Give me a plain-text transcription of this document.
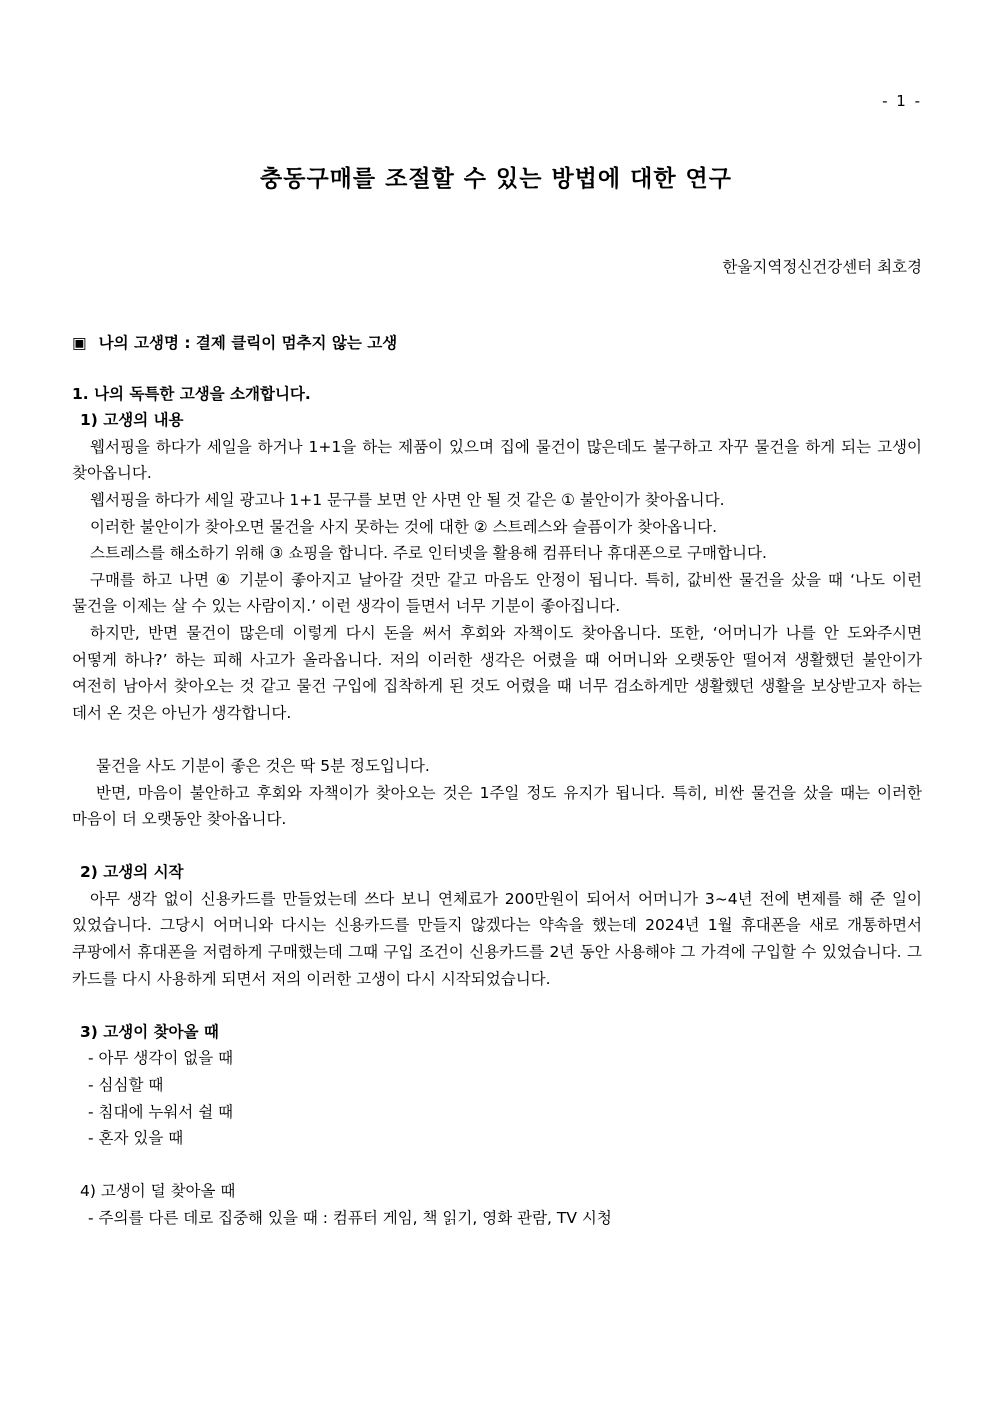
- 1 -
충동구매를 조절할 수 있는 방법에 대한 연구
한울지역정신건강센터 최호경

▣ 나의 고생명 : 결제 클릭이 멈추지 않는 고생

1. 나의 독특한 고생을 소개합니다.

1) 고생의 내용

웹서핑을 하다가 세일을 하거나 1+1을 하는 제품이 있으며 집에 물건이 많은데도 불구하고 자꾸 물건을 하게 되는 고생이 찾아옵니다.

웹서핑을 하다가 세일 광고나 1+1 문구를 보면 안 사면 안 될 것 같은 ① 불안이가 찾아옵니다.

이러한 불안이가 찾아오면 물건을 사지 못하는 것에 대한 ② 스트레스와 슬픔이가 찾아옵니다.

스트레스를 해소하기 위해 ③ 쇼핑을 합니다. 주로 인터넷을 활용해 컴퓨터나 휴대폰으로 구매합니다.

구매를 하고 나면 ④ 기분이 좋아지고 날아갈 것만 같고 마음도 안정이 됩니다. 특히, 값비싼 물건을 샀을 때 ‘나도 이런 물건을 이제는 살 수 있는 사람이지.’ 이런 생각이 들면서 너무 기분이 좋아집니다.

하지만, 반면 물건이 많은데 이렇게 다시 돈을 써서 후회와 자책이도 찾아옵니다. 또한, ‘어머니가 나를 안 도와주시면 어떻게 하나?’ 하는 피해 사고가 올라옵니다. 저의 이러한 생각은 어렸을 때 어머니와 오랫동안 떨어져 생활했던 불안이가 여전히 남아서 찾아오는 것 같고 물건 구입에 집착하게 된 것도 어렸을 때 너무 검소하게만 생활했던 생활을 보상받고자 하는 데서 온 것은 아닌가 생각합니다.

물건을 사도 기분이 좋은 것은 딱 5분 정도입니다.

반면, 마음이 불안하고 후회와 자책이가 찾아오는 것은 1주일 정도 유지가 됩니다. 특히, 비싼 물건을 샀을 때는 이러한 마음이 더 오랫동안 찾아옵니다.

2) 고생의 시작

아무 생각 없이 신용카드를 만들었는데 쓰다 보니 연체료가 200만원이 되어서 어머니가 3~4년 전에 변제를 해 준 일이 있었습니다. 그당시 어머니와 다시는 신용카드를 만들지 않겠다는 약속을 했는데 2024년 1월 휴대폰을 새로 개통하면서 쿠팡에서 휴대폰을 저렴하게 구매했는데 그때 구입 조건이 신용카드를 2년 동안 사용해야 그 가격에 구입할 수 있었습니다. 그 카드를 다시 사용하게 되면서 저의 이러한 고생이 다시 시작되었습니다.

3) 고생이 찾아올 때

- 아무 생각이 없을 때
- 심심할 때
- 침대에 누워서 쉴 때
- 혼자 있을 때

4) 고생이 덜 찾아올 때

- 주의를 다른 데로 집중해 있을 때 : 컴퓨터 게임, 책 읽기, 영화 관람, TV 시청
